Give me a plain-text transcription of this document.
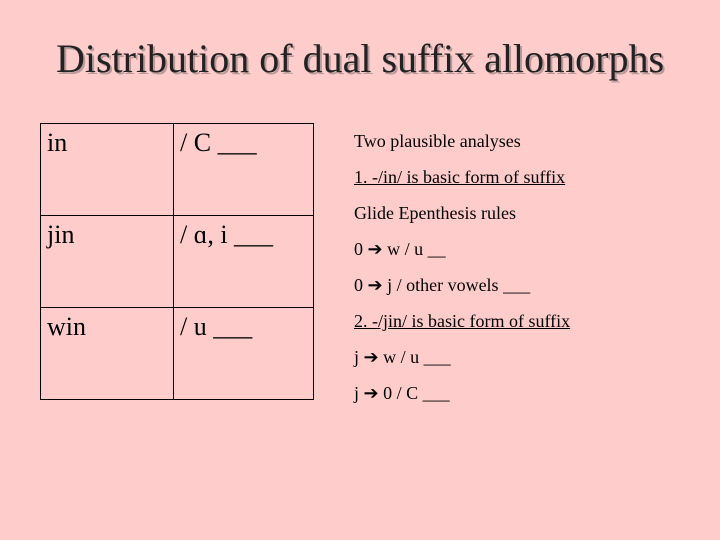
Distribution of dual suffix allomorphs
in	/ C ___
jin	/ ɑ, i ___
win	/ u ___
Two plausible analyses
1. -/in/ is basic form of suffix
Glide Epenthesis rules
0 ➔ w / u __
0 ➔ j / other vowels ___
2. -/jin/ is basic form of suffix
j ➔ w / u ___
j ➔ 0 / C ___
